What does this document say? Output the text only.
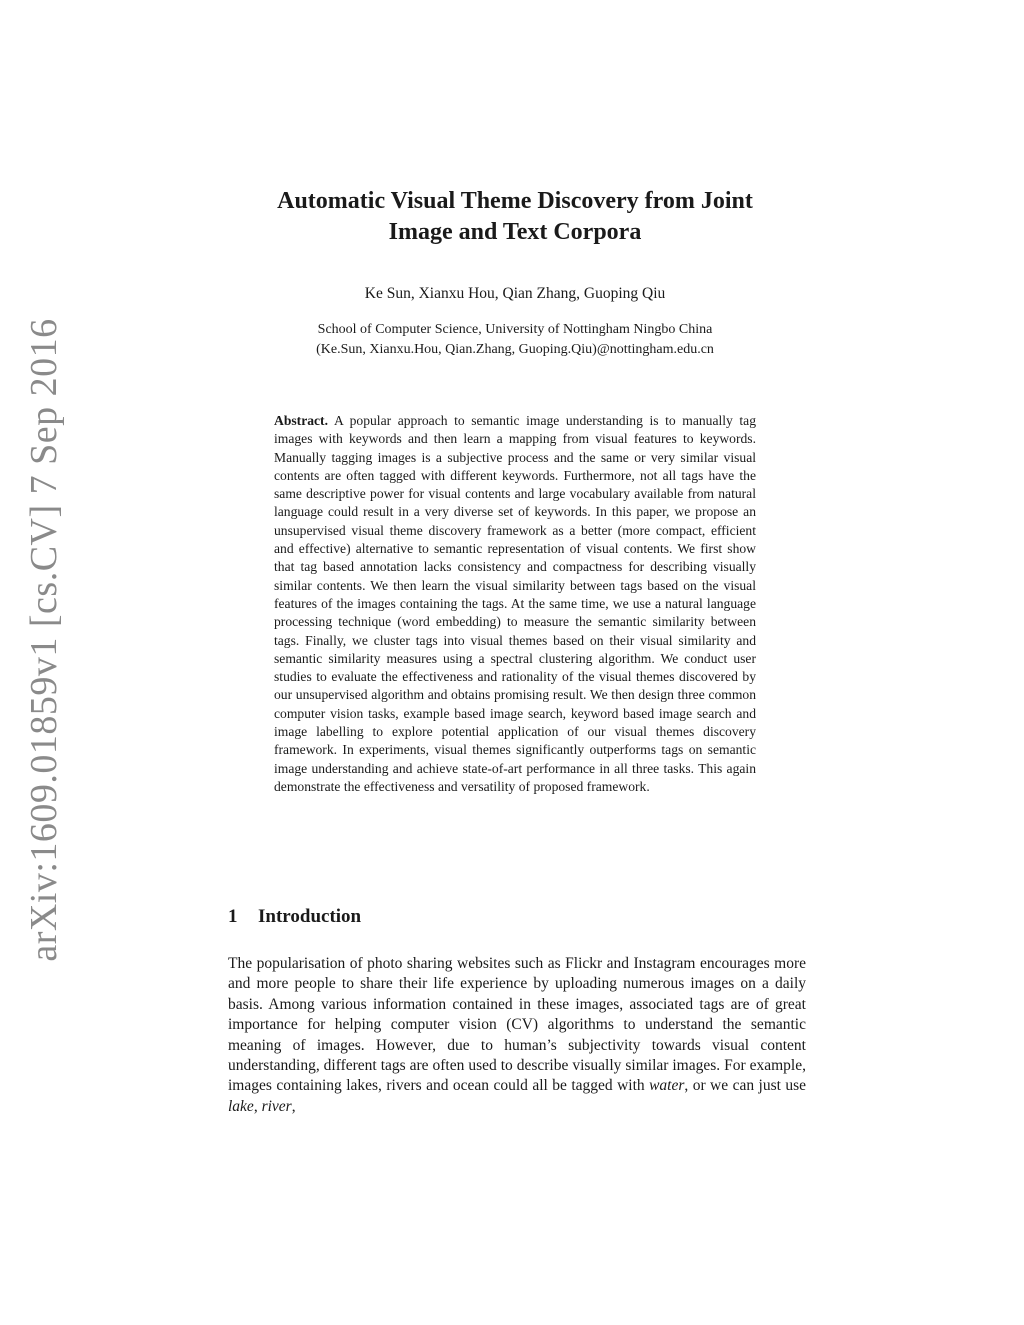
arXiv:1609.01859v1 [cs.CV] 7 Sep 2016
Automatic Visual Theme Discovery from Joint
Image and Text Corpora
Ke Sun, Xianxu Hou, Qian Zhang, Guoping Qiu
School of Computer Science, University of Nottingham Ningbo China
(Ke.Sun, Xianxu.Hou, Qian.Zhang, Guoping.Qiu)@nottingham.edu.cn

Abstract. A popular approach to semantic image understanding is to manually tag images with keywords and then learn a mapping from visual features to keywords. Manually tagging images is a subjective process and the same or very similar visual contents are often tagged with different keywords. Furthermore, not all tags have the same descriptive power for visual contents and large vocabulary available from natural language could result in a very diverse set of keywords. In this paper, we propose an unsupervised visual theme discovery framework as a better (more compact, efficient and effective) alternative to semantic representation of visual contents. We first show that tag based annotation lacks consistency and compactness for describing visually similar contents. We then learn the visual similarity between tags based on the visual features of the images containing the tags. At the same time, we use a natural language processing technique (word embedding) to measure the semantic similarity between tags. Finally, we cluster tags into visual themes based on their visual similarity and semantic similarity measures using a spectral clustering algorithm. We conduct user studies to evaluate the effectiveness and rationality of the visual themes discovered by our unsupervised algorithm and obtains promising result. We then design three common computer vision tasks, example based image search, keyword based image search and image labelling to explore potential application of our visual themes discovery framework. In experiments, visual themes significantly outperforms tags on semantic image understanding and achieve state-of-art performance in all three tasks. This again demonstrate the effectiveness and versatility of proposed framework.

1 Introduction

The popularisation of photo sharing websites such as Flickr and Instagram encourages more and more people to share their life experience by uploading numerous images on a daily basis. Among various information contained in these images, associated tags are of great importance for helping computer vision (CV) algorithms to understand the semantic meaning of images. However, due to human’s subjectivity towards visual content understanding, different tags are often used to describe visually similar images. For example, images containing lakes, rivers and ocean could all be tagged with water, or we can just use lake, river,
